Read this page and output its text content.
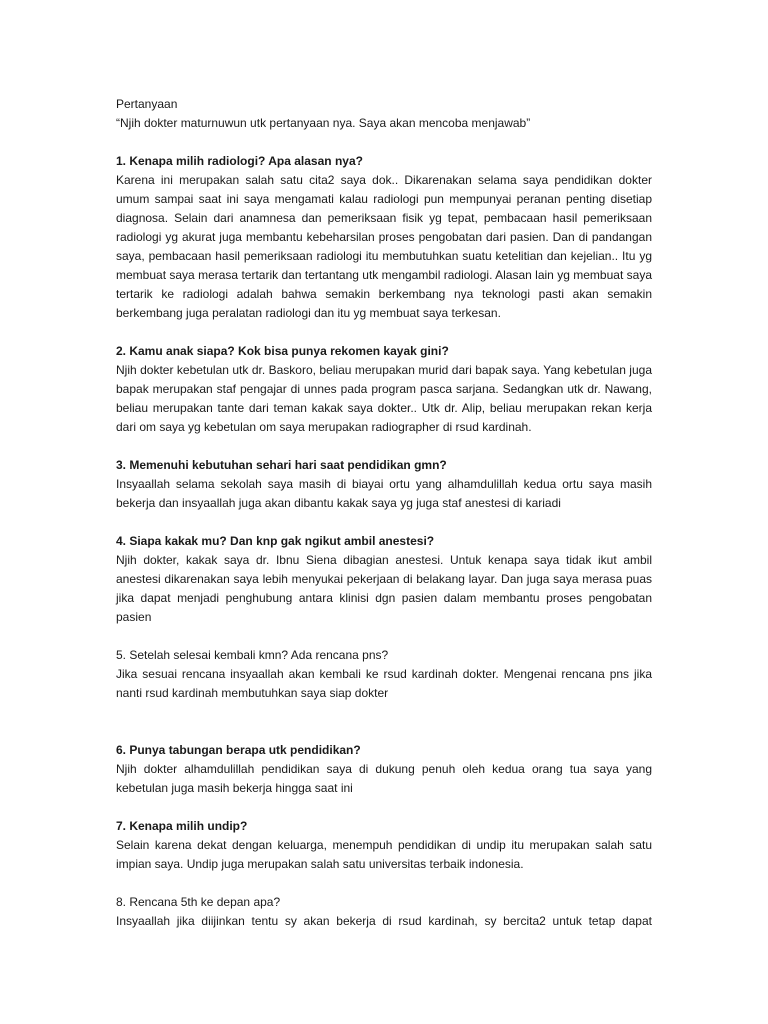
Pertanyaan

“Njih dokter maturnuwun utk pertanyaan nya. Saya akan mencoba menjawab”

1. Kenapa milih radiologi? Apa alasan nya?

Karena ini merupakan salah satu cita2 saya dok.. Dikarenakan selama saya pendidikan dokter umum sampai saat ini saya mengamati kalau radiologi pun mempunyai peranan penting disetiap diagnosa. Selain dari anamnesa dan pemeriksaan fisik yg tepat, pembacaan hasil pemeriksaan radiologi yg akurat juga membantu kebeharsilan proses pengobatan dari pasien. Dan di pandangan saya, pembacaan hasil pemeriksaan radiologi itu membutuhkan suatu ketelitian dan kejelian.. Itu yg membuat saya merasa tertarik dan tertantang utk mengambil radiologi. Alasan lain yg membuat saya tertarik ke radiologi adalah bahwa semakin berkembang nya teknologi pasti akan semakin berkembang juga peralatan radiologi dan itu yg membuat saya terkesan.

2. Kamu anak siapa? Kok bisa punya rekomen kayak gini?

Njih dokter kebetulan utk dr. Baskoro, beliau merupakan murid dari bapak saya. Yang kebetulan juga bapak merupakan staf pengajar di unnes pada program pasca sarjana. Sedangkan utk dr. Nawang, beliau merupakan tante dari teman kakak saya dokter.. Utk dr. Alip, beliau merupakan rekan kerja dari om saya yg kebetulan om saya merupakan radiographer di rsud kardinah.

3. Memenuhi kebutuhan sehari hari saat pendidikan gmn?

Insyaallah selama sekolah saya masih di biayai ortu yang alhamdulillah kedua ortu saya masih bekerja dan insyaallah juga akan dibantu kakak saya yg juga staf anestesi di kariadi

4. Siapa kakak mu? Dan knp gak ngikut ambil anestesi?

Njih dokter, kakak saya dr. Ibnu Siena dibagian anestesi. Untuk kenapa saya tidak ikut ambil anestesi dikarenakan saya lebih menyukai pekerjaan di belakang layar. Dan juga saya merasa puas jika dapat menjadi penghubung antara klinisi dgn pasien dalam membantu proses pengobatan pasien

5. Setelah selesai kembali kmn? Ada rencana pns?

Jika sesuai rencana insyaallah akan kembali ke rsud kardinah dokter. Mengenai rencana pns jika nanti rsud kardinah membutuhkan saya siap dokter

6. Punya tabungan berapa utk pendidikan?

Njih dokter alhamdulillah pendidikan saya di dukung penuh oleh kedua orang tua saya yang kebetulan juga masih bekerja hingga saat ini

7. Kenapa milih undip?

Selain karena dekat dengan keluarga, menempuh pendidikan di undip itu merupakan salah satu impian saya. Undip juga merupakan salah satu universitas terbaik indonesia.

8. Rencana 5th ke depan apa?

Insyaallah jika diijinkan tentu sy akan bekerja di rsud kardinah, sy bercita2 untuk tetap dapat
